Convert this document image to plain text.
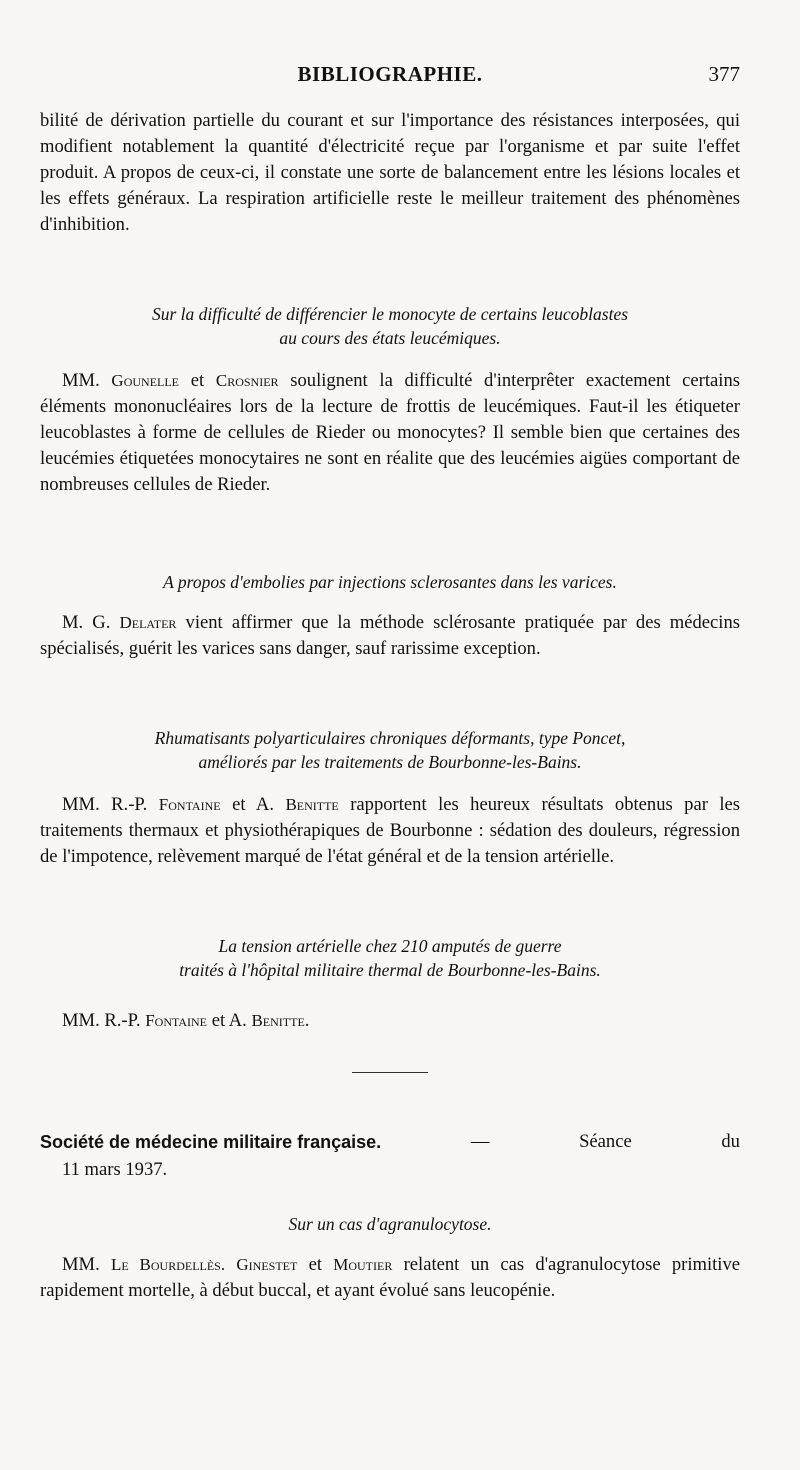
BIBLIOGRAPHIE.	377

bilité de dérivation partielle du courant et sur l'importance des résistances interposées, qui modifient notablement la quantité d'électricité reçue par l'organisme et par suite l'effet produit. A propos de ceux-ci, il constate une sorte de balancement entre les lésions locales et les effets généraux. La respiration artificielle reste le meilleur traitement des phénomènes d'inhibition.

Sur la difficulté de différencier le monocyte de certains leucoblastes
au cours des états leucémiques.

MM. Gounelle et Crosnier soulignent la difficulté d'interprêter exactement certains éléments mononucléaires lors de la lecture de frottis de leucémiques. Faut-il les étiqueter leucoblastes à forme de cellules de Rieder ou monocytes? Il semble bien que certaines des leucémies étiquetées monocytaires ne sont en réalite que des leucémies aigües comportant de nombreuses cellules de Rieder.

A propos d'embolies par injections sclerosantes dans les varices.

M. G. Delater vient affirmer que la méthode sclérosante pratiquée par des médecins spécialisés, guérit les varices sans danger, sauf rarissime exception.

Rhumatisants polyarticulaires chroniques déformants, type Poncet,
améliorés par les traitements de Bourbonne-les-Bains.

MM. R.-P. Fontaine et A. Benitte rapportent les heureux résultats obtenus par les traitements thermaux et physiothérapiques de Bourbonne : sédation des douleurs, régression de l'impotence, relèvement marqué de l'état général et de la tension artérielle.

La tension artérielle chez 210 amputés de guerre
traités à l'hôpital militaire thermal de Bourbonne-les-Bains.

MM. R.-P. Fontaine et A. Benitte.

Société de médecine militaire française.	—	Séance	du
11 mars 1937.

Sur un cas d'agranulocytose.

MM. Le Bourdellès. Ginestet et Moutier relatent un cas d'agranulocytose primitive rapidement mortelle, à début buccal, et ayant évolué sans leucopénie.
